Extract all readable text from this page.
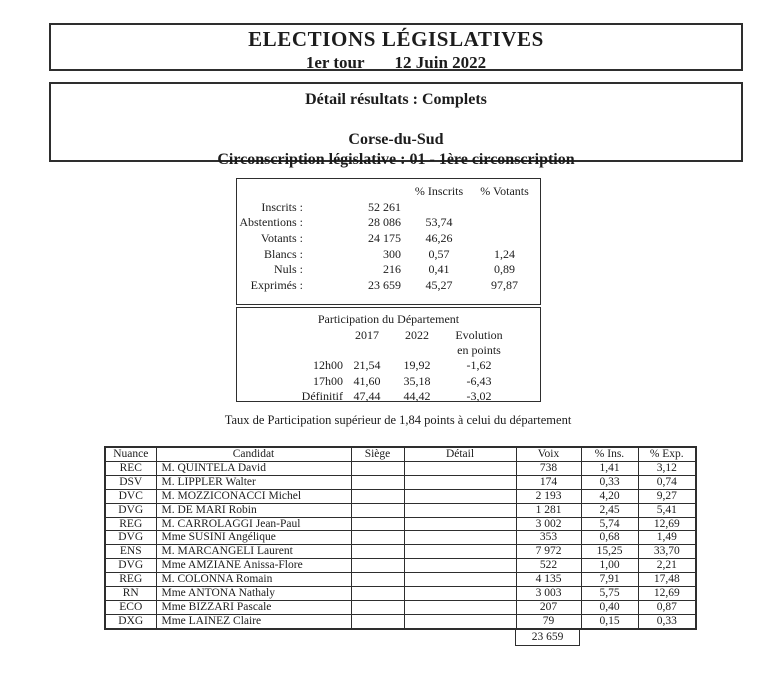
ELECTIONS LÉGISLATIVES
1er tour 12 Juin 2022
Détail résultats : Complets
Corse-du-Sud
Circonscription législative : 01 - 1ère circonscription
% Inscrits	% Votants
Inscrits :	52 261
Abstentions :	28 086	53,74
Votants :	24 175	46,26
Blancs :	300	0,57	1,24
Nuls :	216	0,41	0,89
Exprimés :	23 659	45,27	97,87
Participation du Département
2017	2022	Evolution
en points
12h00 21,54	19,92	-1,62
17h00 41,60	35,18	-6,43
Définitif 47,44	44,42	-3,02
Taux de Participation supérieur de 1,84 points à celui du département
Nuance	Candidat	Siège	Détail	Voix	% Ins.	% Exp.
REC	M. QUINTELA David			738	1,41	3,12
DSV	M. LIPPLER Walter			174	0,33	0,74
DVC	M. MOZZICONACCI Michel			2 193	4,20	9,27
DVG	M. DE MARI Robin			1 281	2,45	5,41
REG	M. CARROLAGGI Jean-Paul			3 002	5,74	12,69
DVG	Mme SUSINI Angélique			353	0,68	1,49
ENS	M. MARCANGELI Laurent			7 972	15,25	33,70
DVG	Mme AMZIANE Anissa-Flore			522	1,00	2,21
REG	M. COLONNA Romain			4 135	7,91	17,48
RN	Mme ANTONA Nathaly			3 003	5,75	12,69
ECO	Mme BIZZARI Pascale			207	0,40	0,87
DXG	Mme LAINEZ Claire			79	0,15	0,33
23 659
